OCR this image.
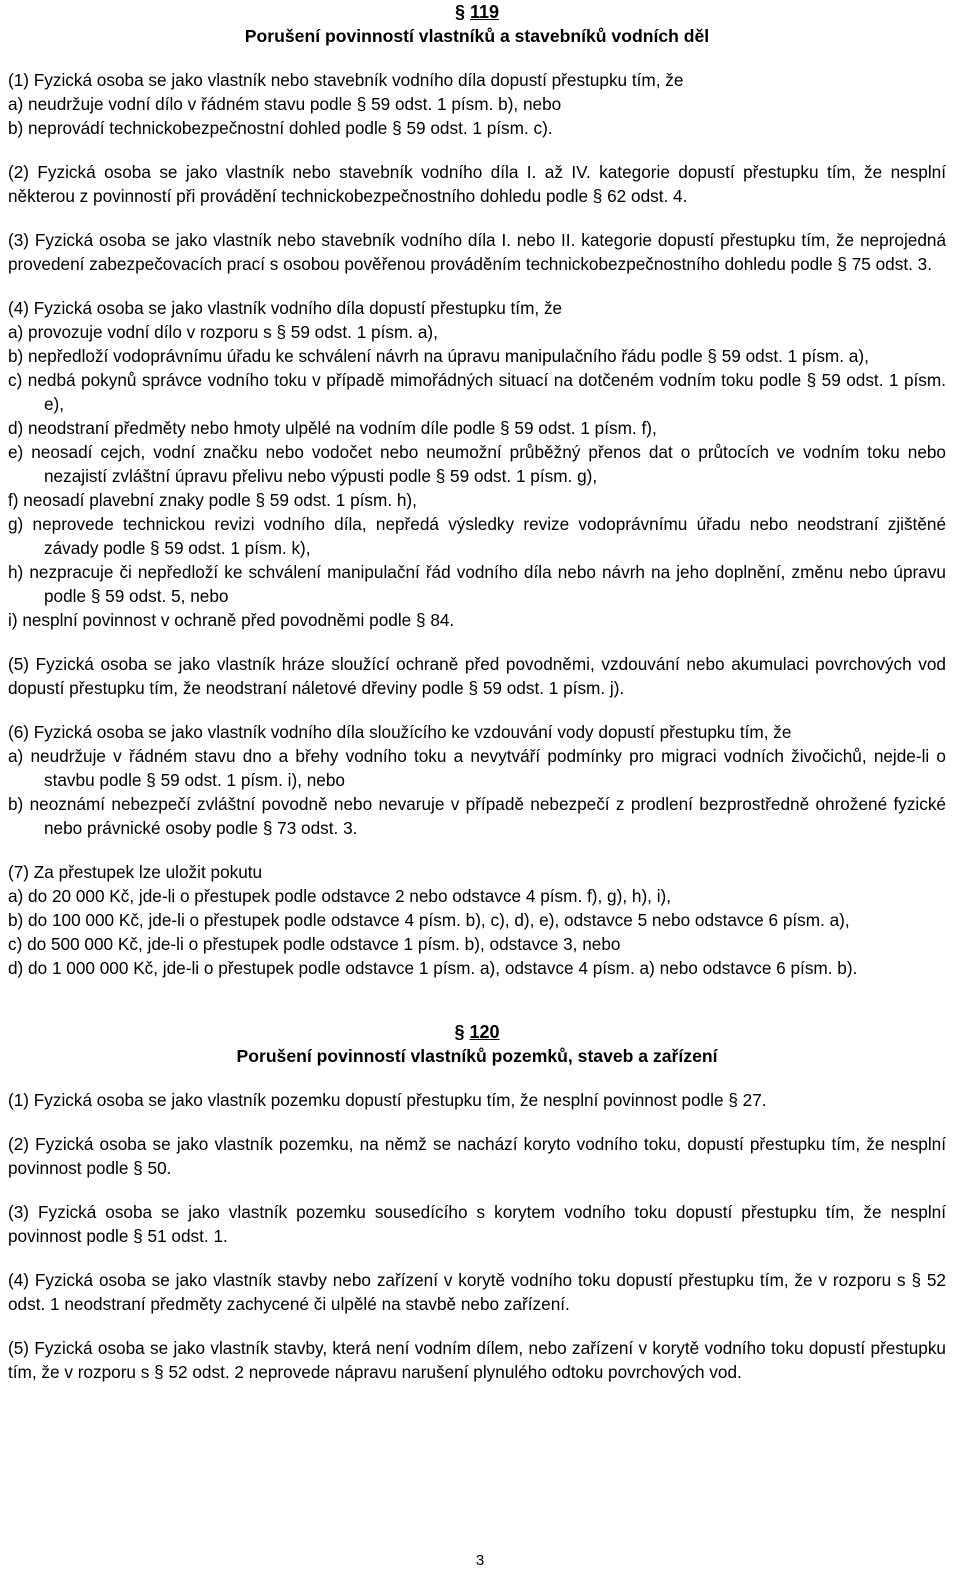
§ 119
Porušení povinností vlastníků a stavebníků vodních děl

(1) Fyzická osoba se jako vlastník nebo stavebník vodního díla dopustí přestupku tím, že

a) neudržuje vodní dílo v řádném stavu podle § 59 odst. 1 písm. b), nebo

b) neprovádí technickobezpečnostní dohled podle § 59 odst. 1 písm. c).

(2) Fyzická osoba se jako vlastník nebo stavebník vodního díla I. až IV. kategorie dopustí přestupku tím, že nesplní některou z povinností při provádění technickobezpečnostního dohledu podle § 62 odst. 4.

(3) Fyzická osoba se jako vlastník nebo stavebník vodního díla I. nebo II. kategorie dopustí přestupku tím, že neprojedná provedení zabezpečovacích prací s osobou pověřenou prováděním technickobezpečnostního dohledu podle § 75 odst. 3.

(4) Fyzická osoba se jako vlastník vodního díla dopustí přestupku tím, že

a) provozuje vodní dílo v rozporu s § 59 odst. 1 písm. a),

b) nepředloží vodoprávnímu úřadu ke schválení návrh na úpravu manipulačního řádu podle § 59 odst. 1 písm. a),

c) nedbá pokynů správce vodního toku v případě mimořádných situací na dotčeném vodním toku podle § 59 odst. 1 písm. e),

d) neodstraní předměty nebo hmoty ulpělé na vodním díle podle § 59 odst. 1 písm. f),

e) neosadí cejch, vodní značku nebo vodočet nebo neumožní průběžný přenos dat o průtocích ve vodním toku nebo nezajistí zvláštní úpravu přelivu nebo výpusti podle § 59 odst. 1 písm. g),

f) neosadí plavební znaky podle § 59 odst. 1 písm. h),

g) neprovede technickou revizi vodního díla, nepředá výsledky revize vodoprávnímu úřadu nebo neodstraní zjištěné závady podle § 59 odst. 1 písm. k),

h) nezpracuje či nepředloží ke schválení manipulační řád vodního díla nebo návrh na jeho doplnění, změnu nebo úpravu podle § 59 odst. 5, nebo

i) nesplní povinnost v ochraně před povodněmi podle § 84.

(5) Fyzická osoba se jako vlastník hráze sloužící ochraně před povodněmi, vzdouvání nebo akumulaci povrchových vod dopustí přestupku tím, že neodstraní náletové dřeviny podle § 59 odst. 1 písm. j).

(6) Fyzická osoba se jako vlastník vodního díla sloužícího ke vzdouvání vody dopustí přestupku tím, že

a) neudržuje v řádném stavu dno a břehy vodního toku a nevytváří podmínky pro migraci vodních živočichů, nejde-li o stavbu podle § 59 odst. 1 písm. i), nebo

b) neoznámí nebezpečí zvláštní povodně nebo nevaruje v případě nebezpečí z prodlení bezprostředně ohrožené fyzické nebo právnické osoby podle § 73 odst. 3.

(7) Za přestupek lze uložit pokutu

a) do 20 000 Kč, jde-li o přestupek podle odstavce 2 nebo odstavce 4 písm. f), g), h), i),

b) do 100 000 Kč, jde-li o přestupek podle odstavce 4 písm. b), c), d), e), odstavce 5 nebo odstavce 6 písm. a),

c) do 500 000 Kč, jde-li o přestupek podle odstavce 1 písm. b), odstavce 3, nebo

d) do 1 000 000 Kč, jde-li o přestupek podle odstavce 1 písm. a), odstavce 4 písm. a) nebo odstavce 6 písm. b).

§ 120
Porušení povinností vlastníků pozemků, staveb a zařízení

(1) Fyzická osoba se jako vlastník pozemku dopustí přestupku tím, že nesplní povinnost podle § 27.

(2) Fyzická osoba se jako vlastník pozemku, na němž se nachází koryto vodního toku, dopustí přestupku tím, že nesplní povinnost podle § 50.

(3) Fyzická osoba se jako vlastník pozemku sousedícího s korytem vodního toku dopustí přestupku tím, že nesplní povinnost podle § 51 odst. 1.

(4) Fyzická osoba se jako vlastník stavby nebo zařízení v korytě vodního toku dopustí přestupku tím, že v rozporu s § 52 odst. 1 neodstraní předměty zachycené či ulpělé na stavbě nebo zařízení.

(5) Fyzická osoba se jako vlastník stavby, která není vodním dílem, nebo zařízení v korytě vodního toku dopustí přestupku tím, že v rozporu s § 52 odst. 2 neprovede nápravu narušení plynulého odtoku povrchových vod.

3
